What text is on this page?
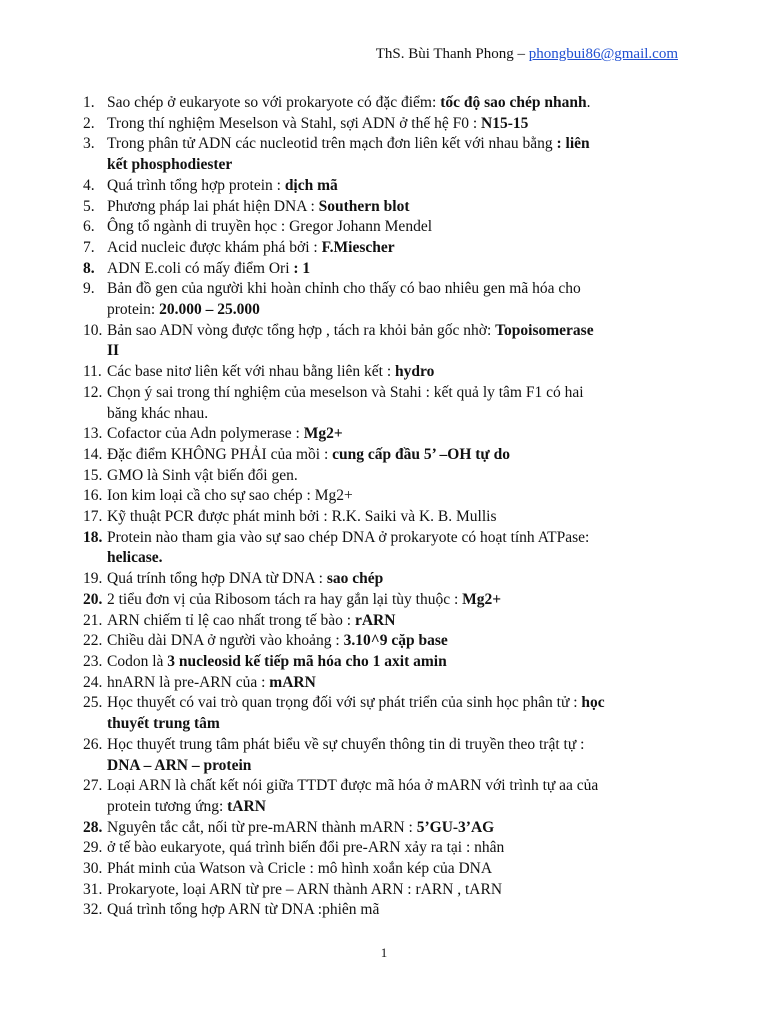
ThS. Bùi Thanh Phong – phongbui86@gmail.com
1. Sao chép ở eukaryote so với prokaryote có đặc điểm: tốc độ sao chép nhanh.
2. Trong thí nghiệm Meselson và Stahl, sợi ADN ở thế hệ F0 : N15-15
3. Trong phân tử ADN các nucleotid trên mạch đơn liên kết với nhau bằng : liên
kết phosphodiester
4. Quá trình tổng hợp protein : dịch mã
5. Phương pháp lai phát hiện DNA : Southern blot
6. Ông tổ ngành di truyền học : Gregor Johann Mendel
7. Acid nucleic được khám phá bởi : F.Miescher
8. ADN E.coli có mấy điểm Ori : 1
9. Bản đồ gen của người khi hoàn chỉnh cho thấy có bao nhiêu gen mã hóa cho
protein: 20.000 – 25.000
10. Bản sao ADN vòng được tổng hợp , tách ra khỏi bản gốc nhờ: Topoisomerase
II
11. Các base nitơ liên kết với nhau bằng liên kết : hydro
12. Chọn ý sai trong thí nghiệm của meselson và Stahi : kết quả ly tâm F1 có hai
băng khác nhau.
13. Cofactor của Adn polymerase : Mg2+
14. Đặc điểm KHÔNG PHẢI của mồi : cung cấp đầu 5’ –OH tự do
15. GMO là Sinh vật biến đổi gen.
16. Ion kim loại cầ cho sự sao chép : Mg2+
17. Kỹ thuật PCR được phát minh bởi : R.K. Saiki và K. B. Mullis
18. Protein nào tham gia vào sự sao chép DNA ở prokaryote có hoạt tính ATPase:
helicase.
19. Quá trính tổng hợp DNA từ DNA : sao chép
20. 2 tiểu đơn vị của Ribosom tách ra hay gắn lại tùy thuộc : Mg2+
21. ARN chiếm tỉ lệ cao nhất trong tế bào : rARN
22. Chiều dài DNA ở người vào khoảng : 3.10^9 cặp base
23. Codon là 3 nucleosid kế tiếp mã hóa cho 1 axit amin
24. hnARN là pre-ARN của : mARN
25. Học thuyết có vai trò quan trọng đối với sự phát triển của sinh học phân tử : học
thuyết trung tâm
26. Học thuyết trung tâm phát biểu về sự chuyển thông tin di truyền theo trật tự :
DNA – ARN – protein
27. Loại ARN là chất kết nói giữa TTDT được mã hóa ở mARN với trình tự aa của
protein tương ứng: tARN
28. Nguyên tắc cắt, nối từ pre-mARN thành mARN : 5’GU-3’AG
29. ở tế bào eukaryote, quá trình biến đổi pre-ARN xảy ra tại : nhân
30. Phát minh của Watson và Cricle : mô hình xoắn kép của DNA
31. Prokaryote, loại ARN từ pre – ARN thành ARN : rARN , tARN
32. Quá trình tổng hợp ARN từ DNA :phiên mã
1
